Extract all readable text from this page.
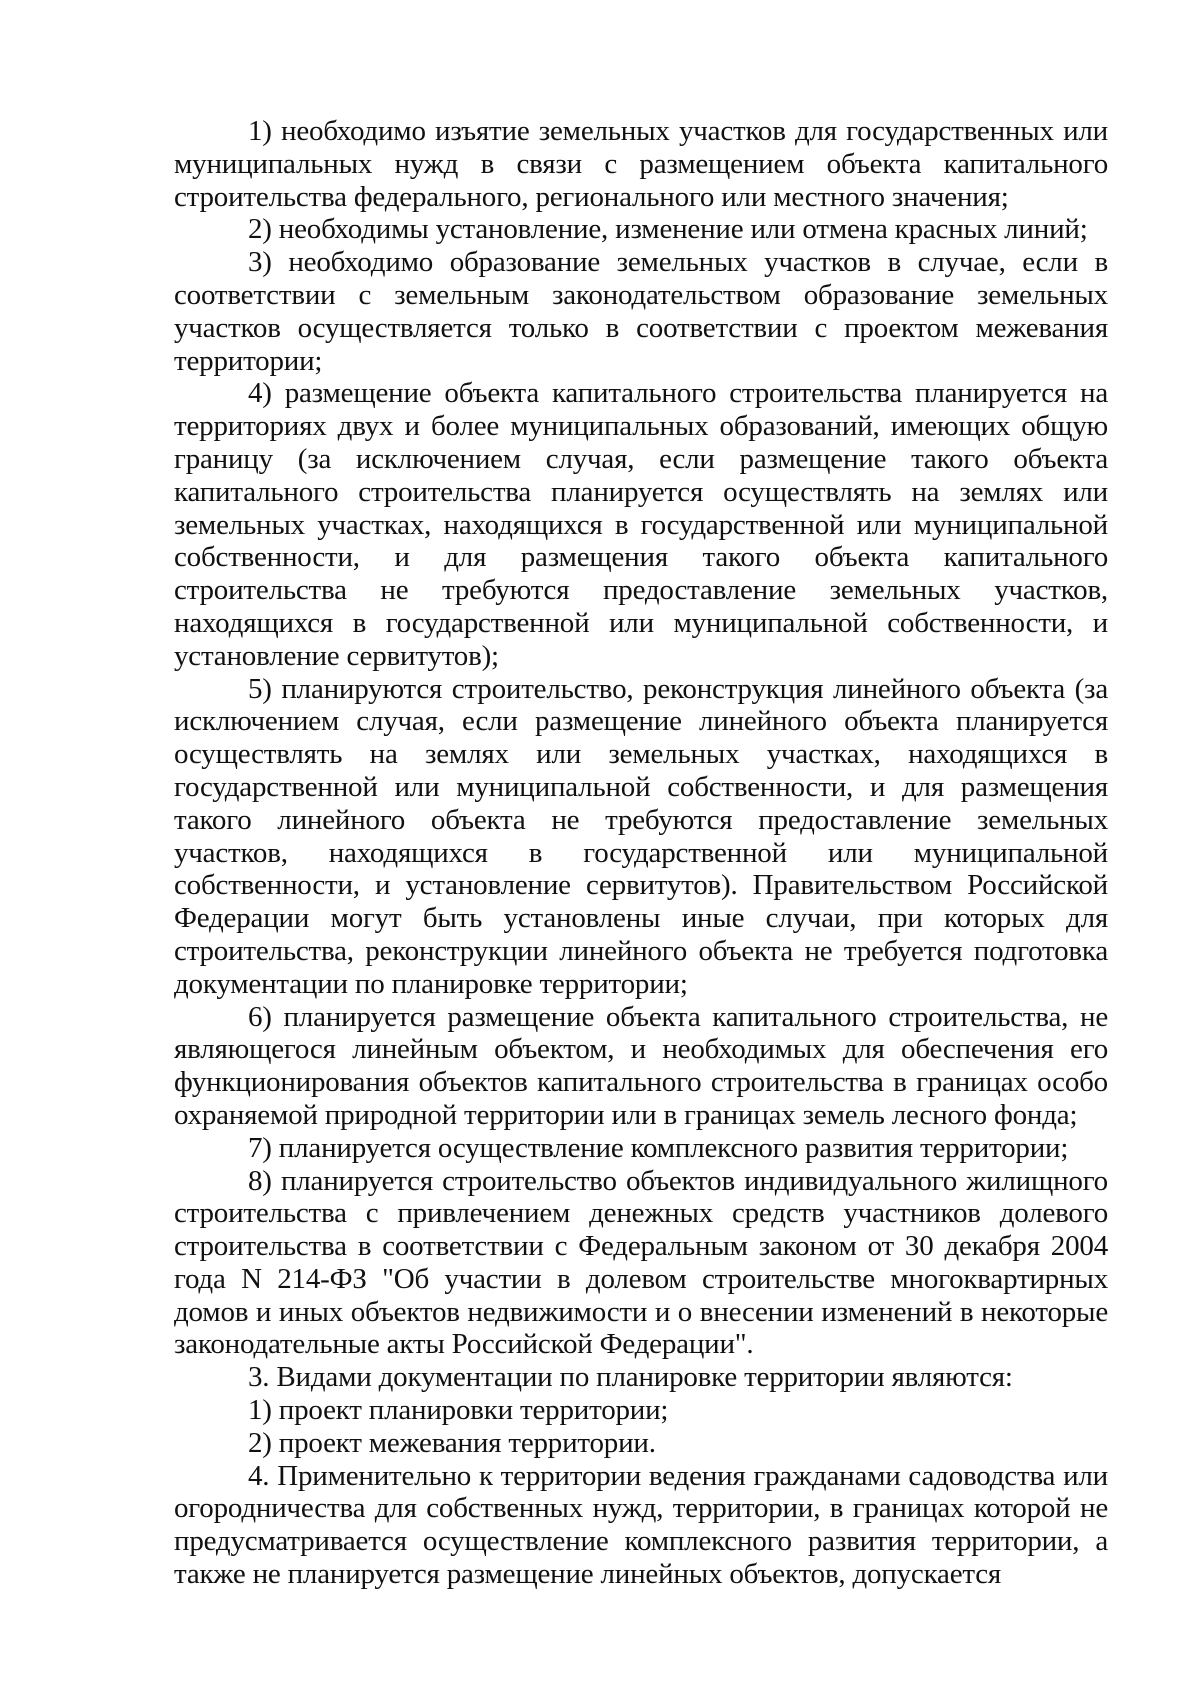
1) необходимо изъятие земельных участков для государственных или муниципальных нужд в связи с размещением объекта капитального строительства федерального, регионального или местного значения;

2) необходимы установление, изменение или отмена красных линий;

3) необходимо образование земельных участков в случае, если в соответствии с земельным законодательством образование земельных участков осуществляется только в соответствии с проектом межевания территории;

4) размещение объекта капитального строительства планируется на территориях двух и более муниципальных образований, имеющих общую границу (за исключением случая, если размещение такого объекта капитального строительства планируется осуществлять на землях или земельных участках, находящихся в государственной или муниципальной собственности, и для размещения такого объекта капитального строительства не требуются предоставление земельных участков, находящихся в государственной или муниципальной собственности, и установление сервитутов);

5) планируются строительство, реконструкция линейного объекта (за исключением случая, если размещение линейного объекта планируется осуществлять на землях или земельных участках, находящихся в государственной или муниципальной собственности, и для размещения такого линейного объекта не требуются предоставление земельных участков, находящихся в государственной или муниципальной собственности, и установление сервитутов). Правительством Российской Федерации могут быть установлены иные случаи, при которых для строительства, реконструкции линейного объекта не требуется подготовка документации по планировке территории;

6) планируется размещение объекта капитального строительства, не являющегося линейным объектом, и необходимых для обеспечения его функционирования объектов капитального строительства в границах особо охраняемой природной территории или в границах земель лесного фонда;

7) планируется осуществление комплексного развития территории;

8) планируется строительство объектов индивидуального жилищного строительства с привлечением денежных средств участников долевого строительства в соответствии с Федеральным законом от 30 декабря 2004 года N 214-ФЗ "Об участии в долевом строительстве многоквартирных домов и иных объектов недвижимости и о внесении изменений в некоторые законодательные акты Российской Федерации".

3. Видами документации по планировке территории являются:

1) проект планировки территории;

2) проект межевания территории.

4. Применительно к территории ведения гражданами садоводства или огородничества для собственных нужд, территории, в границах которой не предусматривается осуществление комплексного развития территории, а также не планируется размещение линейных объектов, допускается
